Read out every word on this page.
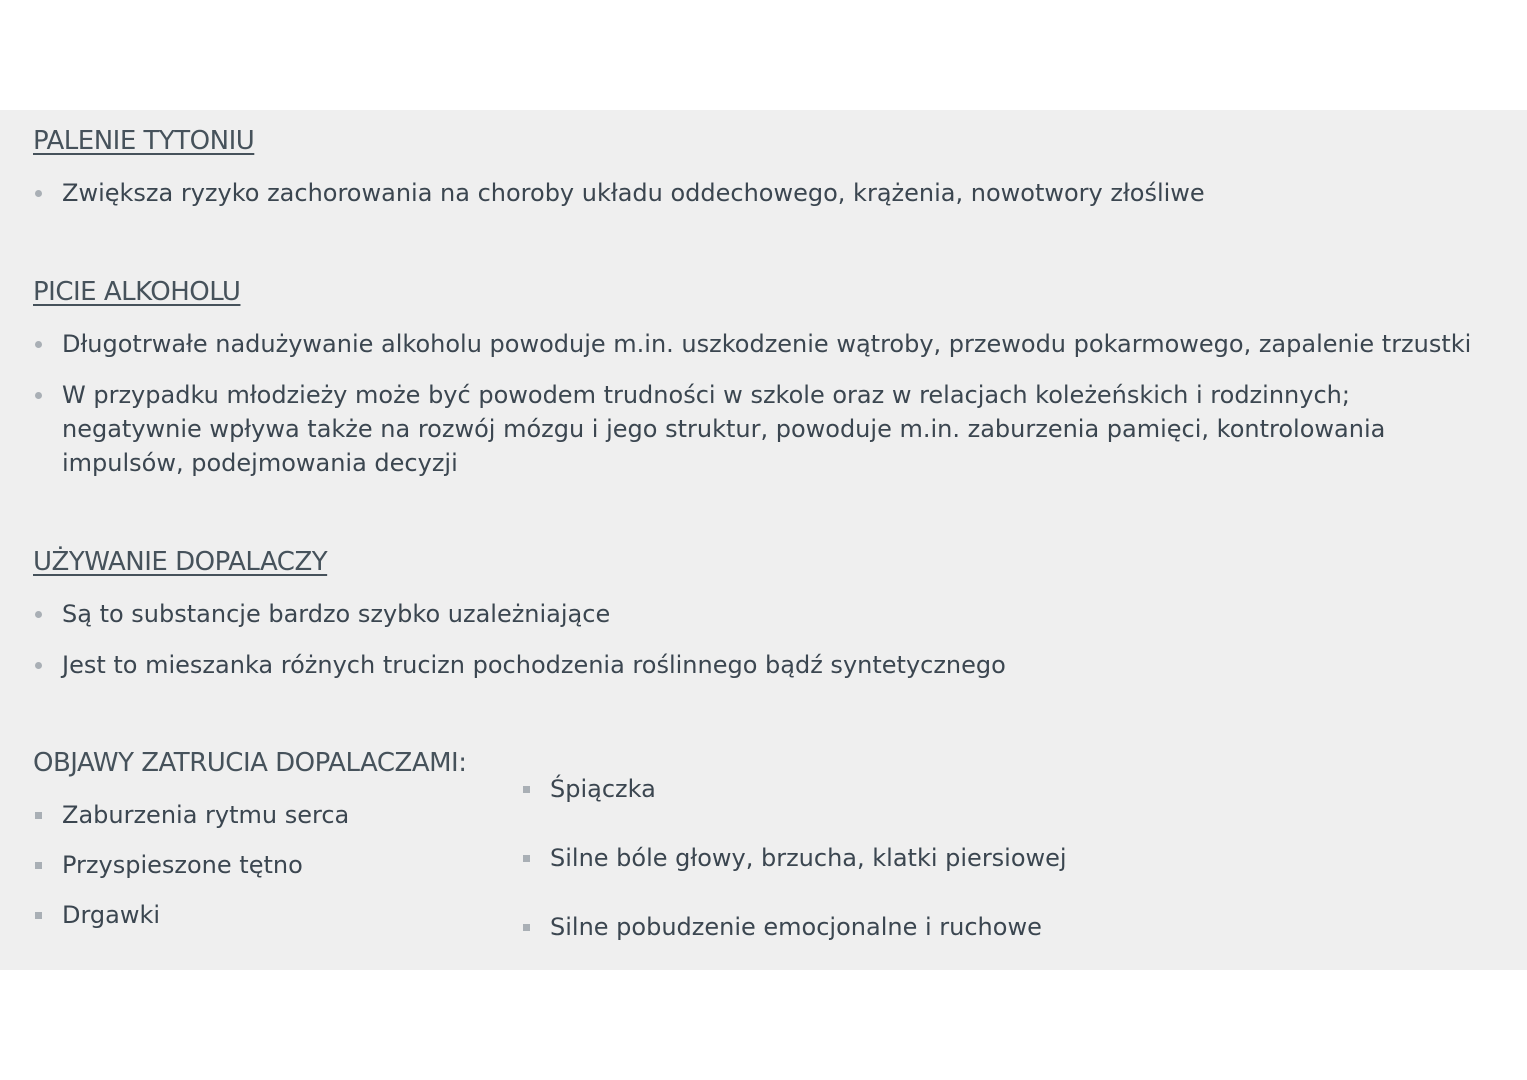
PALENIE TYTONIU
Zwiększa ryzyko zachorowania na choroby układu oddechowego, krążenia, nowotwory złośliwe
PICIE ALKOHOLU
Długotrwałe nadużywanie alkoholu powoduje m.in. uszkodzenie wątroby, przewodu pokarmowego, zapalenie trzustki
W przypadku młodzieży może być powodem trudności w szkole oraz w relacjach koleżeńskich i rodzinnych; negatywnie wpływa także na rozwój mózgu i jego struktur, powoduje m.in. zaburzenia pamięci, kontrolowania impulsów, podejmowania decyzji
UŻYWANIE DOPALACZY
Są to substancje bardzo szybko uzależniające
Jest to mieszanka różnych trucizn pochodzenia roślinnego bądź syntetycznego
OBJAWY ZATRUCIA DOPALACZAMI:
Zaburzenia rytmu serca
Przyspieszone tętno
Drgawki
Śpiączka
Silne bóle głowy, brzucha, klatki piersiowej
Silne pobudzenie emocjonalne i ruchowe
